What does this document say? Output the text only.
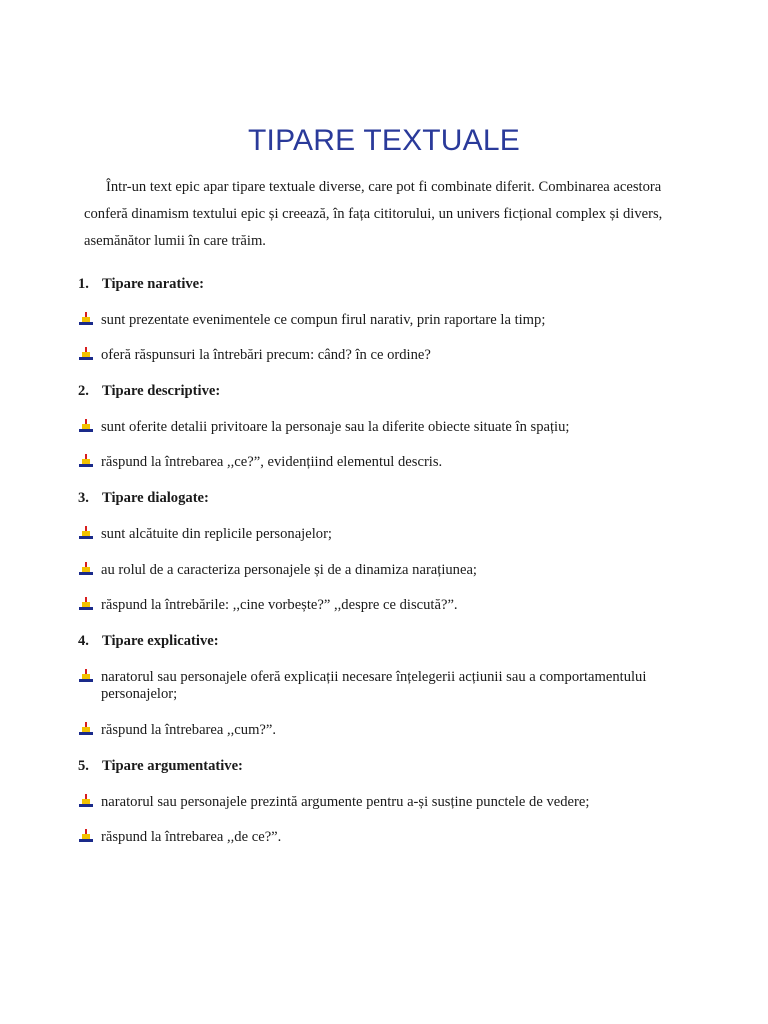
TIPARE TEXTUALE

Într-un text epic apar tipare textuale diverse, care pot fi combinate diferit. Combinarea acestora conferă dinamism textului epic și creează, în fața cititorului, un univers ficțional complex și divers, asemănător lumii în care trăim.

1. Tipare narative:
sunt prezentate evenimentele ce compun firul narativ, prin raportare la timp;
oferă răspunsuri la întrebări precum: când? în ce ordine?
2. Tipare descriptive:
sunt oferite detalii privitoare la personaje sau la diferite obiecte situate în spațiu;
răspund la întrebarea ,,ce?”, evidențiind elementul descris.
3. Tipare dialogate:
sunt alcătuite din replicile personajelor;
au rolul de a caracteriza personajele și de a dinamiza narațiunea;
răspund la întrebările: ,,cine vorbește?” ,,despre ce discută?”.
4. Tipare explicative:
naratorul sau personajele oferă explicații necesare înțelegerii acțiunii sau a comportamentului personajelor;
răspund la întrebarea ,,cum?”.
5. Tipare argumentative:
naratorul sau personajele prezintă argumente pentru a-și susține punctele de vedere;
răspund la întrebarea ,,de ce?”.
